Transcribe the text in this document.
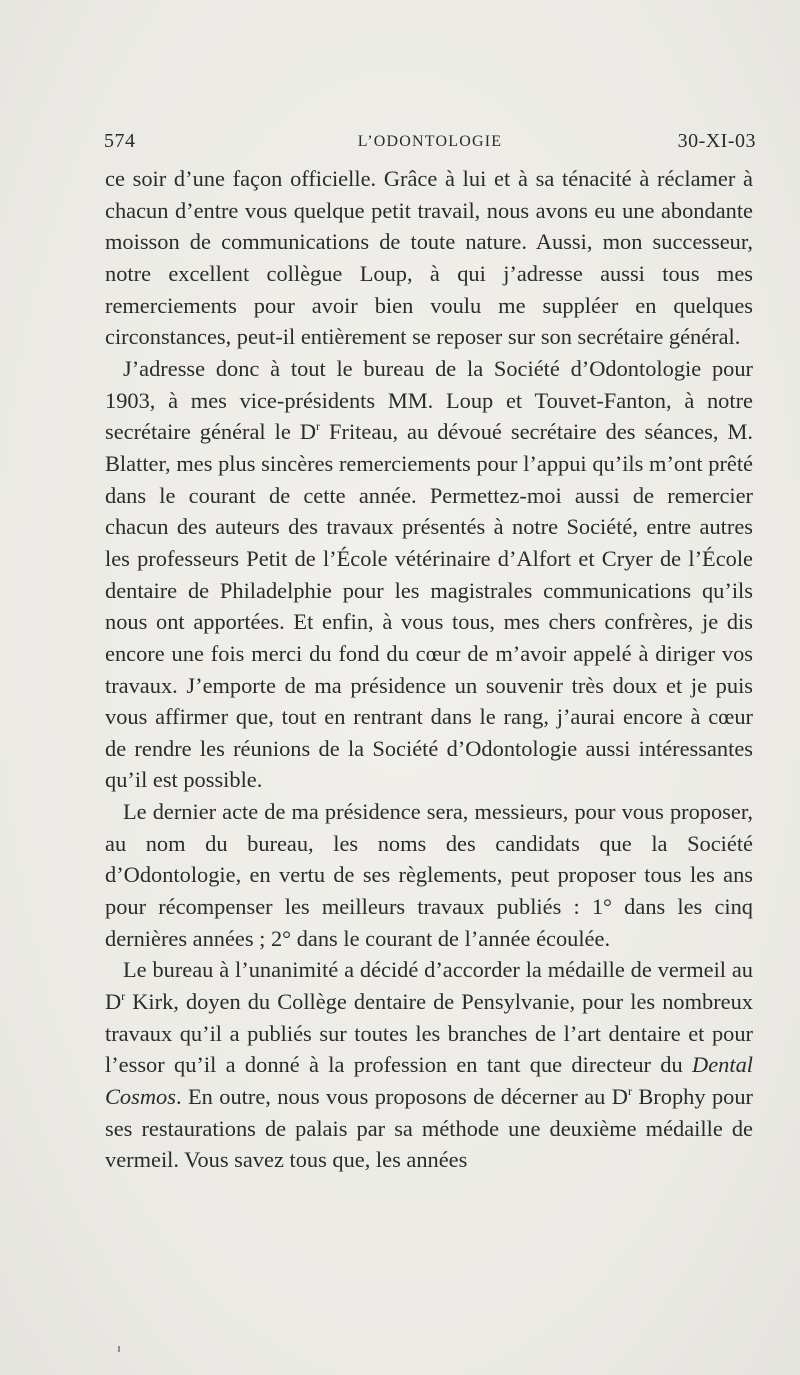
574	L’ODONTOLOGIE	30-XI-03

ce soir d’une façon officielle. Grâce à lui et à sa ténacité à réclamer à chacun d’entre vous quelque petit travail, nous avons eu une abondante moisson de communications de toute nature. Aussi, mon successeur, notre excellent collègue Loup, à qui j’adresse aussi tous mes remerciements pour avoir bien voulu me suppléer en quelques circonstances, peut-il entièrement se reposer sur son secrétaire général.

J’adresse donc à tout le bureau de la Société d’Odontologie pour 1903, à mes vice-présidents MM. Loup et Touvet-Fanton, à notre secrétaire général le $D^r$ Friteau, au dévoué secrétaire des séances, M. Blatter, mes plus sincères remerciements pour l’appui qu’ils m’ont prêté dans le courant de cette année. Permettez-moi aussi de remercier chacun des auteurs des travaux présentés à notre Société, entre autres les professeurs Petit de l’École vétérinaire d’Alfort et Cryer de l’École dentaire de Philadelphie pour les magistrales communications qu’ils nous ont apportées. Et enfin, à vous tous, mes chers confrères, je dis encore une fois merci du fond du cœur de m’avoir appelé à diriger vos travaux. J’emporte de ma présidence un souvenir très doux et je puis vous affirmer que, tout en rentrant dans le rang, j’aurai encore à cœur de rendre les réunions de la Société d’Odontologie aussi intéressantes qu’il est possible.

Le dernier acte de ma présidence sera, messieurs, pour vous proposer, au nom du bureau, les noms des candidats que la Société d’Odontologie, en vertu de ses règlements, peut proposer tous les ans pour récompenser les meilleurs travaux publiés : 1° dans les cinq dernières années ; 2° dans le courant de l’année écoulée.

Le bureau à l’unanimité a décidé d’accorder la médaille de vermeil au $D^r$ Kirk, doyen du Collège dentaire de Pensylvanie, pour les nombreux travaux qu’il a publiés sur toutes les branches de l’art dentaire et pour l’essor qu’il a donné à la profession en tant que directeur du Dental Cosmos. En outre, nous vous proposons de décerner au $D^r$ Brophy pour ses restaurations de palais par sa méthode une deuxième médaille de vermeil. Vous savez tous que, les années
